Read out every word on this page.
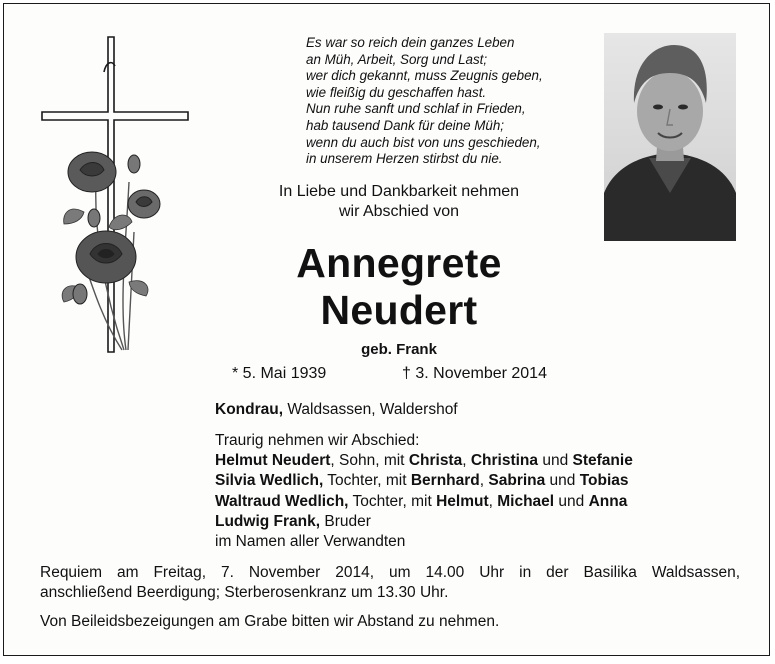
Es war so reich dein ganzes Leben
an Müh, Arbeit, Sorg und Last;
wer dich gekannt, muss Zeugnis geben,
wie fleißig du geschaffen hast.
Nun ruhe sanft und schlaf in Frieden,
hab tausend Dank für deine Müh;
wenn du auch bist von uns geschieden,
in unserem Herzen stirbst du nie.
In Liebe und Dankbarkeit nehmen
wir Abschied von
Annegrete
Neudert
geb. Frank
* 5. Mai 1939	† 3. November 2014
Kondrau, Waldsassen, Waldershof
Traurig nehmen wir Abschied:
Helmut Neudert, Sohn, mit Christa, Christina und Stefanie
Silvia Wedlich, Tochter, mit Bernhard, Sabrina und Tobias
Waltraud Wedlich, Tochter, mit Helmut, Michael und Anna
Ludwig Frank, Bruder
im Namen aller Verwandten
Requiem am Freitag, 7. November 2014, um 14.00 Uhr in der Basilika Waldsassen,
anschließend Beerdigung; Sterberosenkranz um 13.30 Uhr.
Von Beileidsbezeigungen am Grabe bitten wir Abstand zu nehmen.
